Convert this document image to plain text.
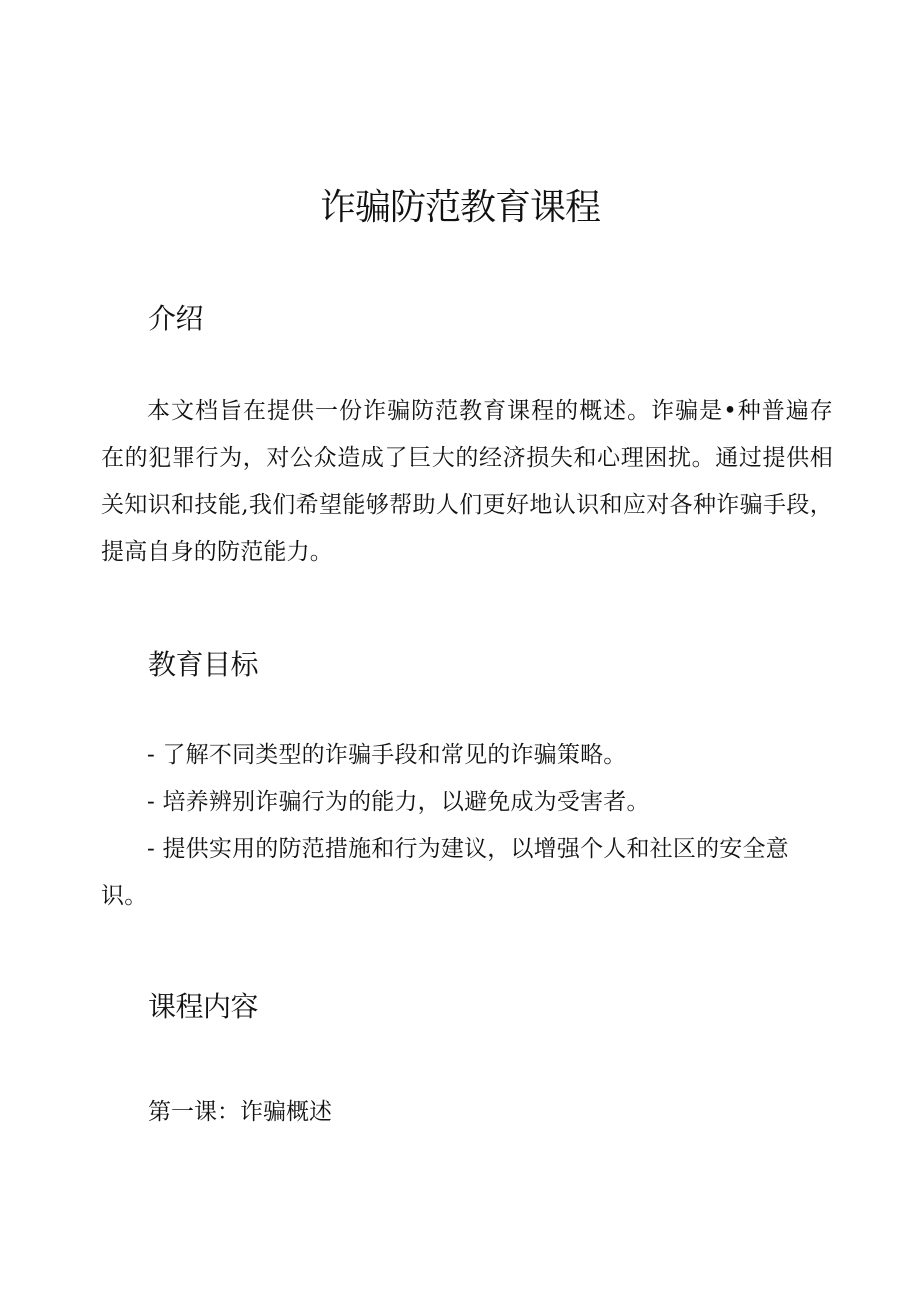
诈骗防范教育课程
介绍

本文档旨在提供一份诈骗防范教育课程的概述。诈骗是•种普遍存在的犯罪行为，对公众造成了巨大的经济损失和心理困扰。通过提供相关知识和技能,我们希望能够帮助人们更好地认识和应对各种诈骗手段，提高自身的防范能力。

教育目标
- 了解不同类型的诈骗手段和常见的诈骗策略。
- 培养辨别诈骗行为的能力，以避免成为受害者。
- 提供实用的防范措施和行为建议，以增强个人和社区的安全意识。
课程内容
第一课：诈骗概述
